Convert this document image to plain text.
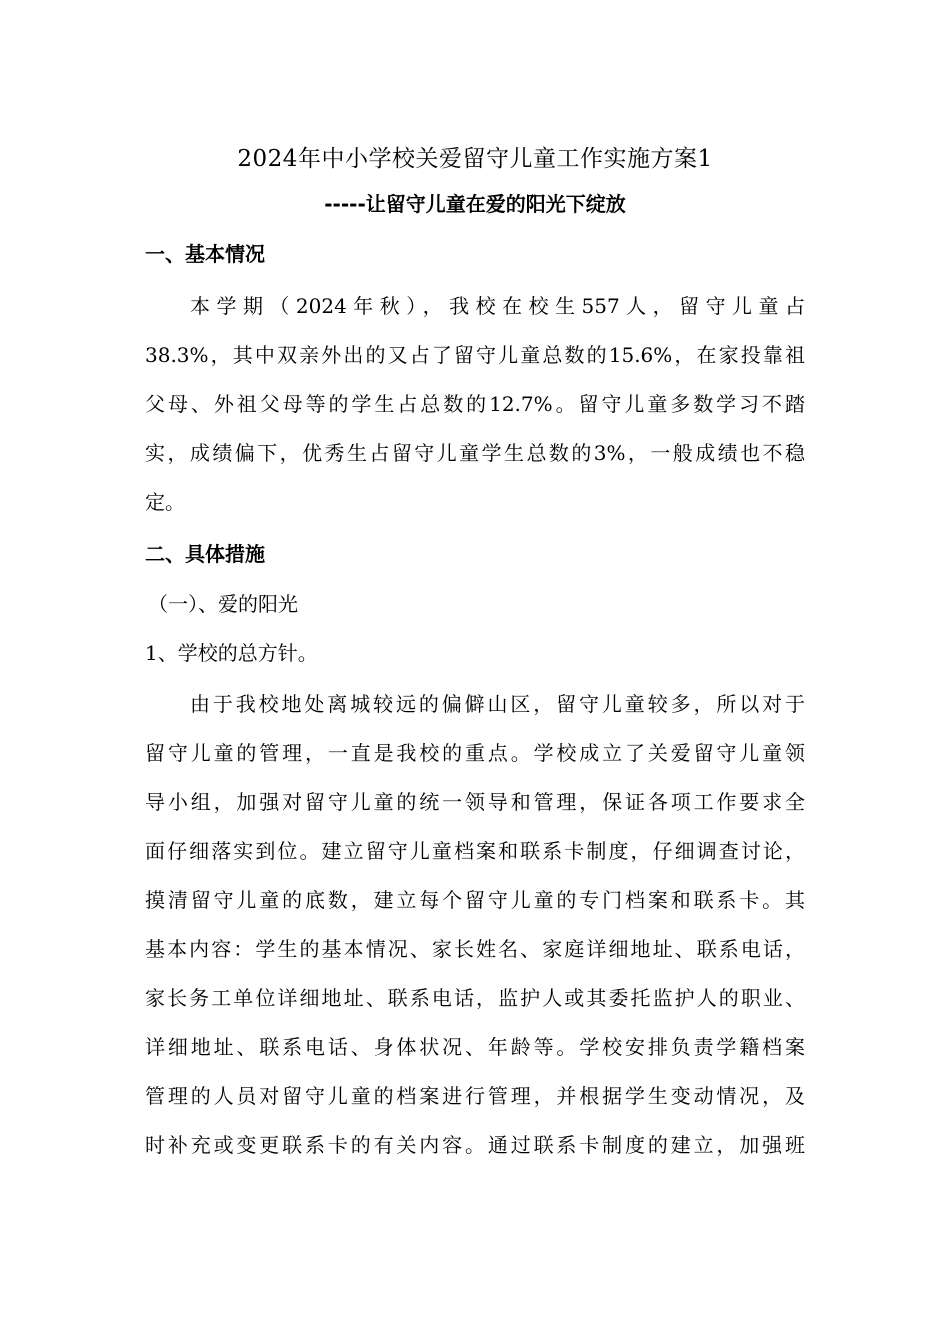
2024年中小学校关爱留守儿童工作实施方案1
-----让留守儿童在爱的阳光下绽放
一、基本情况
本学期（2024年秋），我校在校生557人，留守儿童占
38.3%，其中双亲外出的又占了留守儿童总数的15.6%，在家投靠祖
父母、外祖父母等的学生占总数的12.7%。留守儿童多数学习不踏
实，成绩偏下，优秀生占留守儿童学生总数的3%，一般成绩也不稳
定。
二、具体措施
（一）、爱的阳光
1、学校的总方针。
由于我校地处离城较远的偏僻山区，留守儿童较多，所以对于
留守儿童的管理，一直是我校的重点。学校成立了关爱留守儿童领
导小组，加强对留守儿童的统一领导和管理，保证各项工作要求全
面仔细落实到位。建立留守儿童档案和联系卡制度，仔细调查讨论，
摸清留守儿童的底数，建立每个留守儿童的专门档案和联系卡。其
基本内容：学生的基本情况、家长姓名、家庭详细地址、联系电话，
家长务工单位详细地址、联系电话，监护人或其委托监护人的职业、
详细地址、联系电话、身体状况、年龄等。学校安排负责学籍档案
管理的人员对留守儿童的档案进行管理，并根据学生变动情况，及
时补充或变更联系卡的有关内容。通过联系卡制度的建立，加强班
